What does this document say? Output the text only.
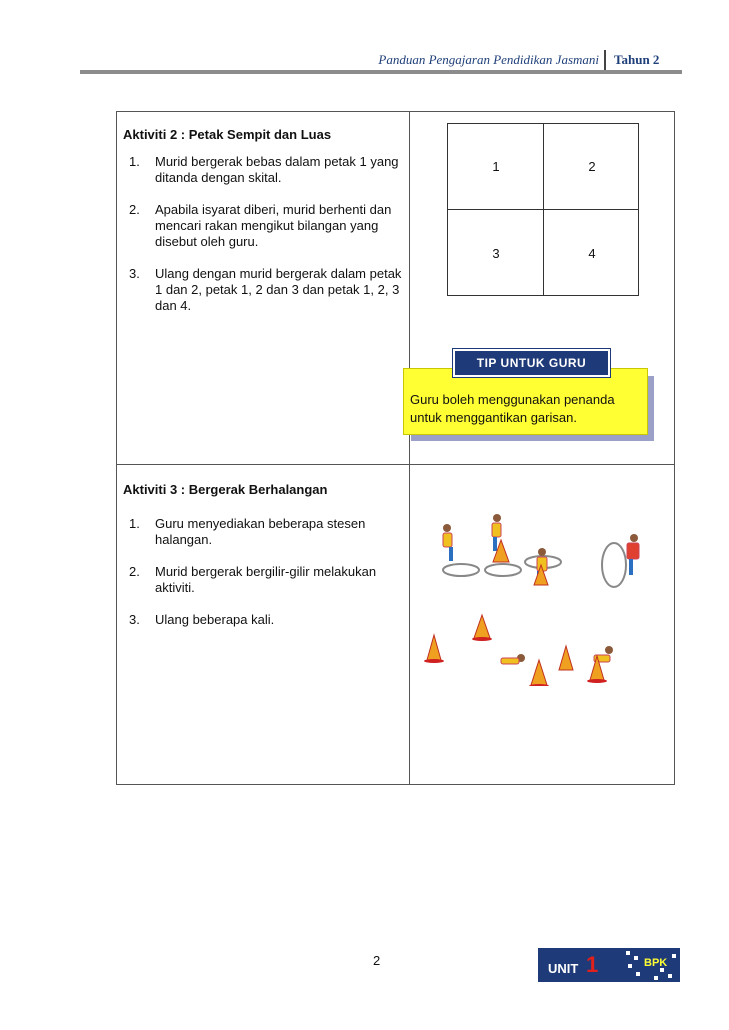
Panduan Pengajaran Pendidikan Jasmani Tahun 2
Aktiviti 2 : Petak Sempit dan Luas
1. Murid bergerak bebas dalam petak 1 yang ditanda dengan skital.
2. Apabila isyarat diberi, murid berhenti dan mencari rakan mengikut bilangan yang disebut oleh guru.
3. Ulang dengan murid bergerak dalam petak 1 dan 2, petak 1, 2 dan 3 dan petak 1, 2, 3 dan 4.
1	2
3	4
Guru boleh menggunakan penanda untuk menggantikan garisan.
TIP UNTUK GURU
Aktiviti 3 : Bergerak Berhalangan
1. Guru menyediakan beberapa stesen halangan.
2. Murid bergerak bergilir-gilir melakukan aktiviti.
3. Ulang beberapa kali.
2
UNIT 1	BPK
